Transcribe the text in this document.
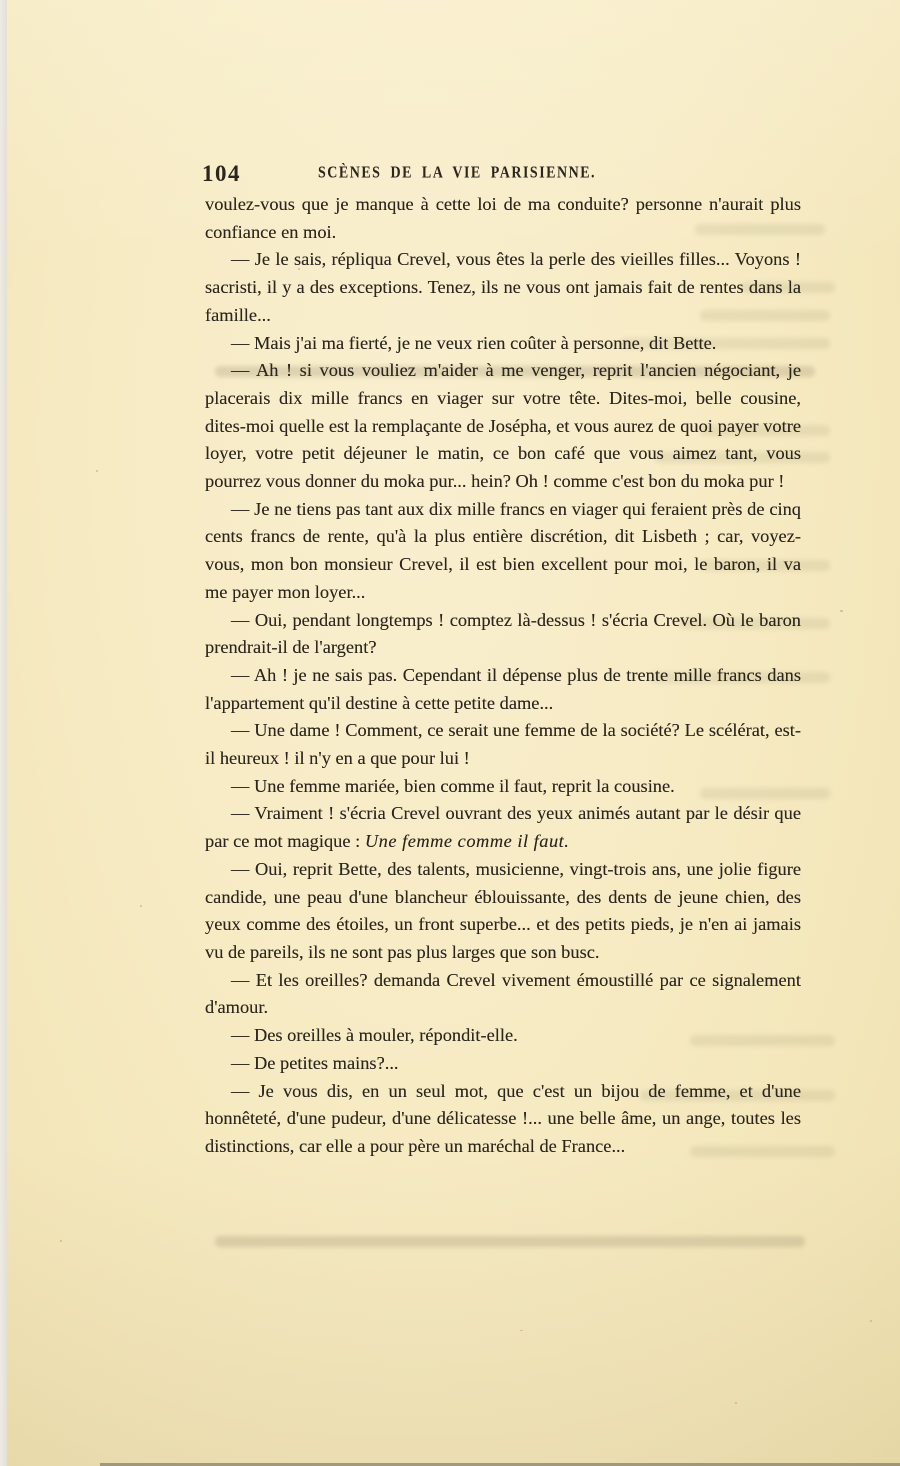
104	SCÈNES DE LA VIE PARISIENNE.

voulez-vous que je manque à cette loi de ma conduite? personne n'aurait plus confiance en moi.

— Je le sais, répliqua Crevel, vous êtes la perle des vieilles filles... Voyons ! sacristi, il y a des exceptions. Tenez, ils ne vous ont jamais fait de rentes dans la famille...

— Mais j'ai ma fierté, je ne veux rien coûter à personne, dit Bette.

— Ah ! si vous vouliez m'aider à me venger, reprit l'ancien négociant, je placerais dix mille francs en viager sur votre tête. Dites-moi, belle cousine, dites-moi quelle est la remplaçante de Josépha, et vous aurez de quoi payer votre loyer, votre petit déjeuner le matin, ce bon café que vous aimez tant, vous pourrez vous donner du moka pur... hein? Oh ! comme c'est bon du moka pur !

— Je ne tiens pas tant aux dix mille francs en viager qui feraient près de cinq cents francs de rente, qu'à la plus entière discrétion, dit Lisbeth ; car, voyez-vous, mon bon monsieur Crevel, il est bien excellent pour moi, le baron, il va me payer mon loyer...

— Oui, pendant longtemps ! comptez là-dessus ! s'écria Crevel. Où le baron prendrait-il de l'argent?

— Ah ! je ne sais pas. Cependant il dépense plus de trente mille francs dans l'appartement qu'il destine à cette petite dame...

— Une dame ! Comment, ce serait une femme de la société? Le scélérat, est-il heureux ! il n'y en a que pour lui !

— Une femme mariée, bien comme il faut, reprit la cousine.

— Vraiment ! s'écria Crevel ouvrant des yeux animés autant par le désir que par ce mot magique : Une femme comme il faut.

— Oui, reprit Bette, des talents, musicienne, vingt-trois ans, une jolie figure candide, une peau d'une blancheur éblouissante, des dents de jeune chien, des yeux comme des étoiles, un front superbe... et des petits pieds, je n'en ai jamais vu de pareils, ils ne sont pas plus larges que son busc.

— Et les oreilles? demanda Crevel vivement émoustillé par ce signalement d'amour.

— Des oreilles à mouler, répondit-elle.

— De petites mains?...

— Je vous dis, en un seul mot, que c'est un bijou de femme, et d'une honnêteté, d'une pudeur, d'une délicatesse !... une belle âme, un ange, toutes les distinctions, car elle a pour père un maréchal de France...
